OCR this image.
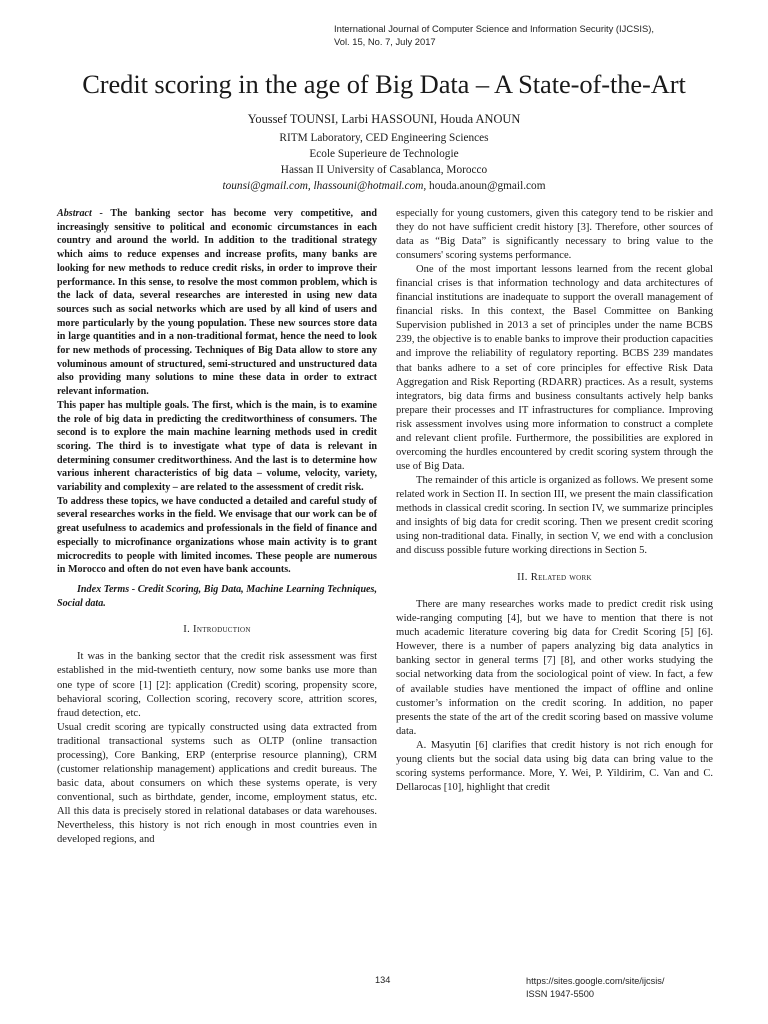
International Journal of Computer Science and Information Security (IJCSIS),
Vol. 15, No. 7, July 2017
Credit scoring in the age of Big Data – A State-of-the-Art
Youssef TOUNSI, Larbi HASSOUNI, Houda ANOUN
RITM Laboratory, CED Engineering Sciences
Ecole Superieure de Technologie
Hassan II University of Casablanca, Morocco
tounsi@gmail.com, lhassouni@hotmail.com, houda.anoun@gmail.com

Abstract - The banking sector has become very competitive, and increasingly sensitive to political and economic circumstances in each country and around the world. In addition to the traditional strategy which aims to reduce expenses and increase profits, many banks are looking for new methods to reduce credit risks, in order to improve their performance. In this sense, to resolve the most common problem, which is the lack of data, several researches are interested in using new data sources such as social networks which are used by all kind of users and more particularly by the young population. These new sources store data in large quantities and in a non-traditional format, hence the need to look for new methods of processing. Techniques of Big Data allow to store any voluminous amount of structured, semi-structured and unstructured data also providing many solutions to mine these data in order to extract relevant information.

This paper has multiple goals. The first, which is the main, is to examine the role of big data in predicting the creditworthiness of consumers. The second is to explore the main machine learning methods used in credit scoring. The third is to investigate what type of data is relevant in determining consumer creditworthiness. And the last is to determine how various inherent characteristics of big data – volume, velocity, variety, variability and complexity – are related to the assessment of credit risk.

To address these topics, we have conducted a detailed and careful study of several researches works in the field. We envisage that our work can be of great usefulness to academics and professionals in the field of finance and especially to microfinance organizations whose main activity is to grant microcredits to people with limited incomes. These people are numerous in Morocco and often do not even have bank accounts.

Index Terms - Credit Scoring, Big Data, Machine Learning Techniques, Social data.

I. Introduction

It was in the banking sector that the credit risk assessment was first established in the mid-twentieth century, now some banks use more than one type of score [1] [2]: application (Credit) scoring, propensity score, behavioral scoring, Collection scoring, recovery score, attrition scores, fraud detection, etc.

Usual credit scoring are typically constructed using data extracted from traditional transactional systems such as OLTP (online transaction processing), Core Banking, ERP (enterprise resource planning), CRM (customer relationship management) applications and credit bureaus. The basic data, about consumers on which these systems operate, is very conventional, such as birthdate, gender, income, employment status, etc. All this data is precisely stored in relational databases or data warehouses. Nevertheless, this history is not rich enough in most countries even in developed regions, and

especially for young customers, given this category tend to be riskier and they do not have sufficient credit history [3]. Therefore, other sources of data as “Big Data” is significantly necessary to bring value to the consumers' scoring systems performance.

One of the most important lessons learned from the recent global financial crises is that information technology and data architectures of financial institutions are inadequate to support the overall management of financial risks. In this context, the Basel Committee on Banking Supervision published in 2013 a set of principles under the name BCBS 239, the objective is to enable banks to improve their production capacities and improve the reliability of regulatory reporting. BCBS 239 mandates that banks adhere to a set of core principles for effective Risk Data Aggregation and Risk Reporting (RDARR) practices. As a result, systems integrators, big data firms and business consultants actively help banks prepare their processes and IT infrastructures for compliance. Improving risk assessment involves using more information to construct a complete and relevant client profile. Furthermore, the possibilities are explored in overcoming the hurdles encountered by credit scoring system through the use of Big Data.

The remainder of this article is organized as follows. We present some related work in Section II. In section III, we present the main classification methods in classical credit scoring. In section IV, we summarize principles and insights of big data for credit scoring. Then we present credit scoring using non-traditional data. Finally, in section V, we end with a conclusion and discuss possible future working directions in Section 5.

II. Related work

There are many researches works made to predict credit risk using wide-ranging computing [4], but we have to mention that there is not much academic literature covering big data for Credit Scoring [5] [6]. However, there is a number of papers analyzing big data analytics in banking sector in general terms [7] [8], and other works studying the social networking data from the sociological point of view. In fact, a few of available studies have mentioned the impact of offline and online customer’s information on the credit scoring. In addition, no paper presents the state of the art of the credit scoring based on massive volume data.

A. Masyutin [6] clarifies that credit history is not rich enough for young clients but the social data using big data can bring value to the scoring systems performance. More, Y. Wei, P. Yildirim, C. Van and C. Dellarocas [10], highlight that credit

134	https://sites.google.com/site/ijcsis/
ISSN 1947-5500
